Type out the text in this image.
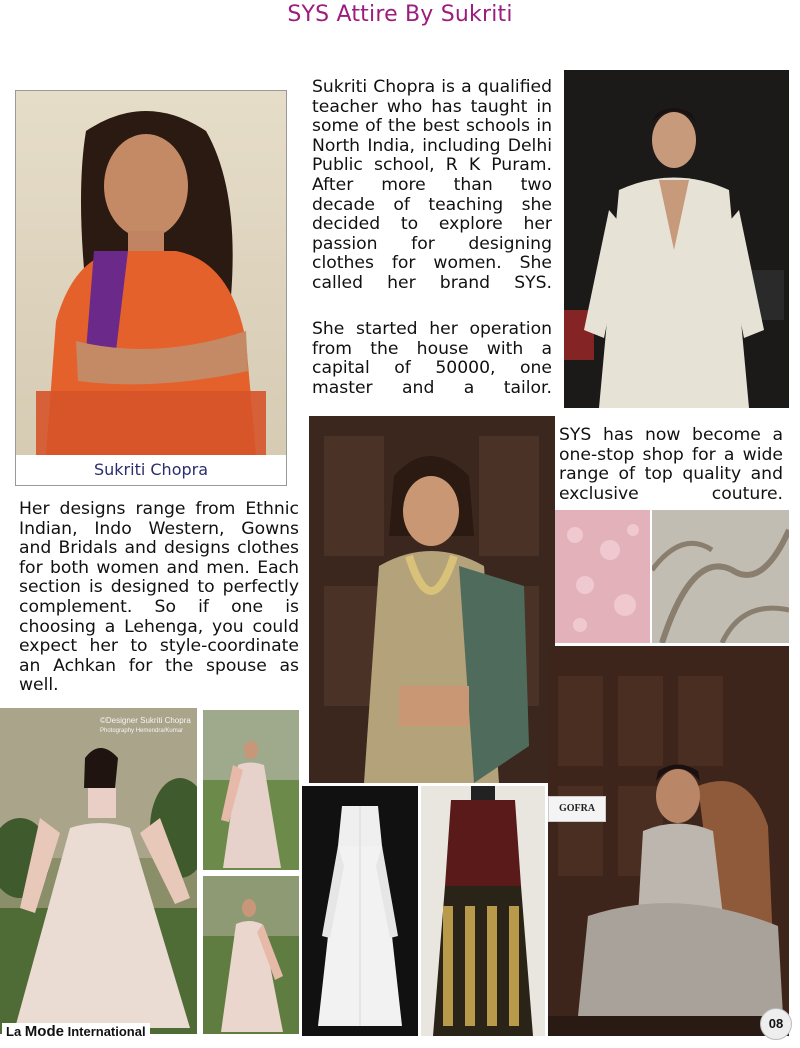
SYS Attire By Sukriti
Sukriti Chopra
GOFRA
©Designer Sukriti Chopra
Photography Hemendra/Kumar

Sukriti Chopra is a qualified teacher who has taught in some of the best schools in North India, including Delhi Public school, R K Puram. After more than two decade of teaching she decided to explore her passion for designing clothes for women. She called her brand SYS.

She started her operation from the house with a capital of 50000, one master and a tailor.

SYS has now become a one-stop shop for a wide range of top quality and exclusive couture.

Her designs range from Ethnic Indian, Indo Western, Gowns and Bridals and designs clothes for both women and men. Each section is designed to perfectly complement. So if one is choosing a Lehenga, you could expect her to style-coordinate an Achkan for the spouse as well.

La Mode International
08
